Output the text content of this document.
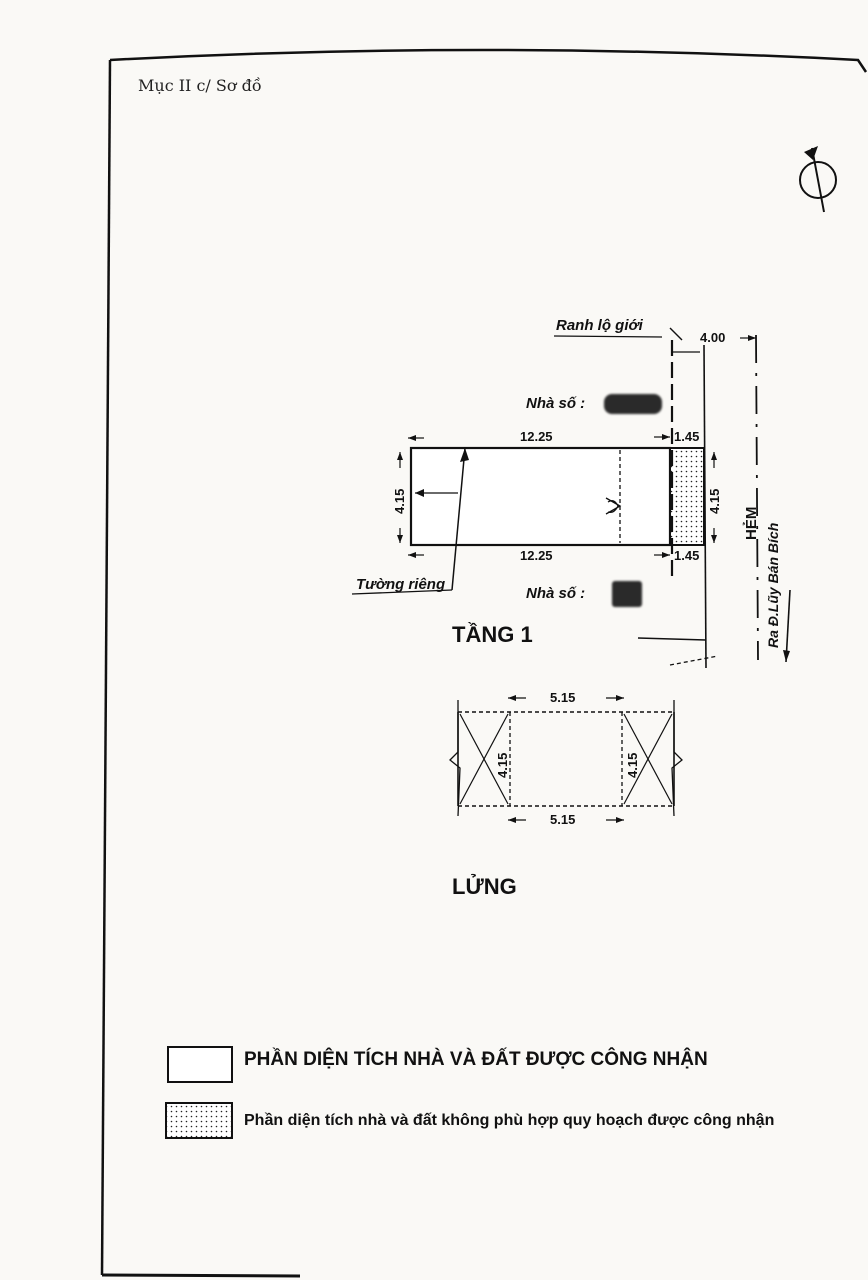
Mục II c/ Sơ đồ
Ranh lộ giới
4.00
Nhà số :
12.25	1.45
12.25	1.45
4.15	4.15
Tường riêng
Nhà số :
TẦNG 1
HẺM Ra Đ.Lũy Bán Bích
5.15
5.15
4.15	4.15
LỬNG
PHẦN DIỆN TÍCH NHÀ VÀ ĐẤT ĐƯỢC CÔNG NHẬN
Phần diện tích nhà và đất không phù hợp quy hoạch được công nhận
